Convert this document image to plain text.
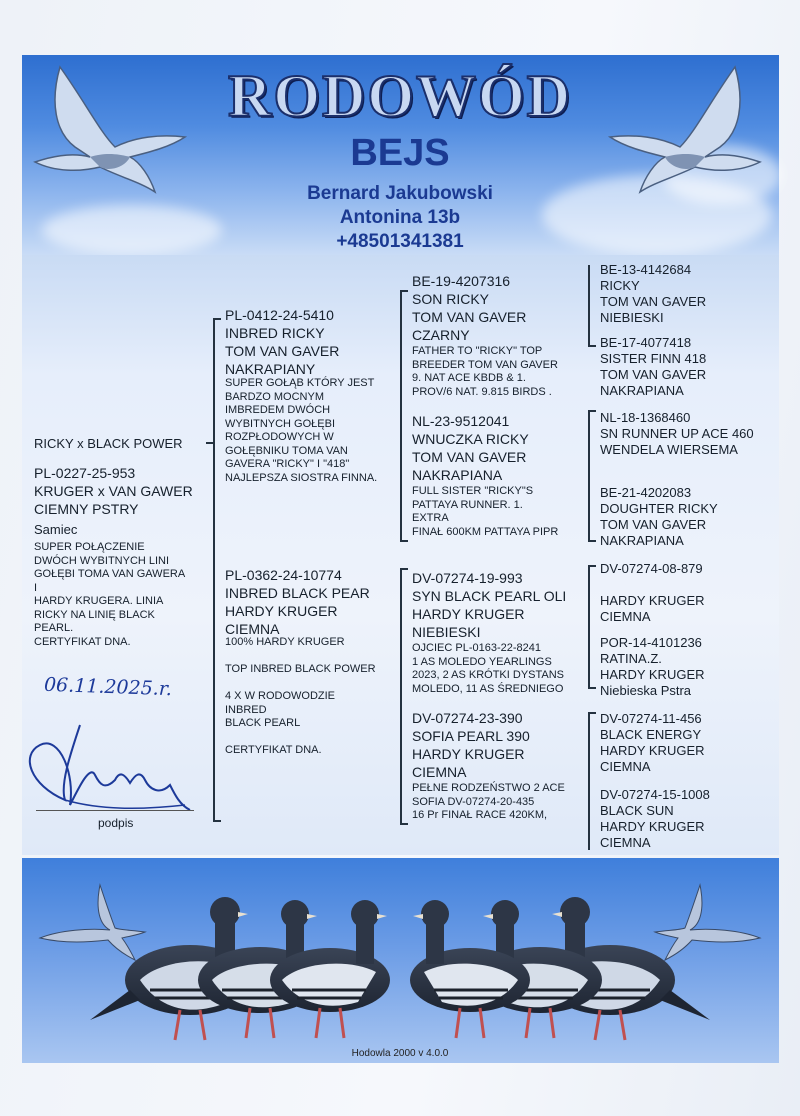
RODOWÓD
BEJS
Bernard Jakubowski
Antonina 13b
+48501341381
RICKY x BLACK POWER
PL-0227-25-953
KRUGER x VAN GAWER
CIEMNY PSTRY
Samiec
SUPER POŁĄCZENIE
DWÓCH WYBITNYCH LINI
GOŁĘBI TOMA VAN GAWERA
I
HARDY KRUGERA. LINIA
RICKY NA LINIĘ BLACK
PEARL.
CERTYFIKAT DNA.
06.11.2025.r.
podpis
PL-0412-24-5410
INBRED RICKY
TOM VAN GAVER
NAKRAPIANY
SUPER GOŁĄB KTÓRY JEST
BARDZO MOCNYM
IMBREDEM DWÓCH
WYBITNYCH GOŁĘBI
ROZPŁODOWYCH W
GOŁĘBNIKU TOMA VAN
GAVERA "RICKY" I "418"
NAJLEPSZA SIOSTRA FINNA.
PL-0362-24-10774
INBRED BLACK PEAR
HARDY KRUGER
CIEMNA
100% HARDY KRUGER
TOP INBRED BLACK POWER
4 X W RODOWODZIE
INBRED
BLACK PEARL
CERTYFIKAT DNA.
BE-19-4207316
SON RICKY
TOM VAN GAVER
CZARNY
FATHER TO "RICKY" TOP
BREEDER TOM VAN GAVER
9. NAT ACE KBDB & 1.
PROV/6 NAT. 9.815 BIRDS .
NL-23-9512041
WNUCZKA RICKY
TOM VAN GAVER
NAKRAPIANA
FULL SISTER "RICKY"S
PATTAYA RUNNER. 1.
EXTRA
FINAŁ 600KM PATTAYA PIPR
DV-07274-19-993
SYN BLACK PEARL OLI
HARDY KRUGER
NIEBIESKI
OJCIEC PL-0163-22-8241
1 AS MOLEDO YEARLINGS
2023, 2 AS KRÓTKI DYSTANS
MOLEDO, 11 AS ŚREDNIEGO
DV-07274-23-390
SOFIA PEARL 390
HARDY KRUGER
CIEMNA
PEŁNE RODZEŃSTWO 2 ACE
SOFIA DV-07274-20-435
16 Pr FINAŁ RACE 420KM,
BE-13-4142684
RICKY
TOM VAN GAVER
NIEBIESKI
BE-17-4077418
SISTER FINN 418
TOM VAN GAVER
NAKRAPIANA
NL-18-1368460
SN RUNNER UP ACE 460
WENDELA WIERSEMA
BE-21-4202083
DOUGHTER RICKY
TOM VAN GAVER
NAKRAPIANA
DV-07274-08-879
HARDY KRUGER
CIEMNA
POR-14-4101236
RATINA.Z.
HARDY KRUGER
Niebieska Pstra
DV-07274-11-456
BLACK ENERGY
HARDY KRUGER
CIEMNA
DV-07274-15-1008
BLACK SUN
HARDY KRUGER
CIEMNA
Hodowla 2000 v 4.0.0
